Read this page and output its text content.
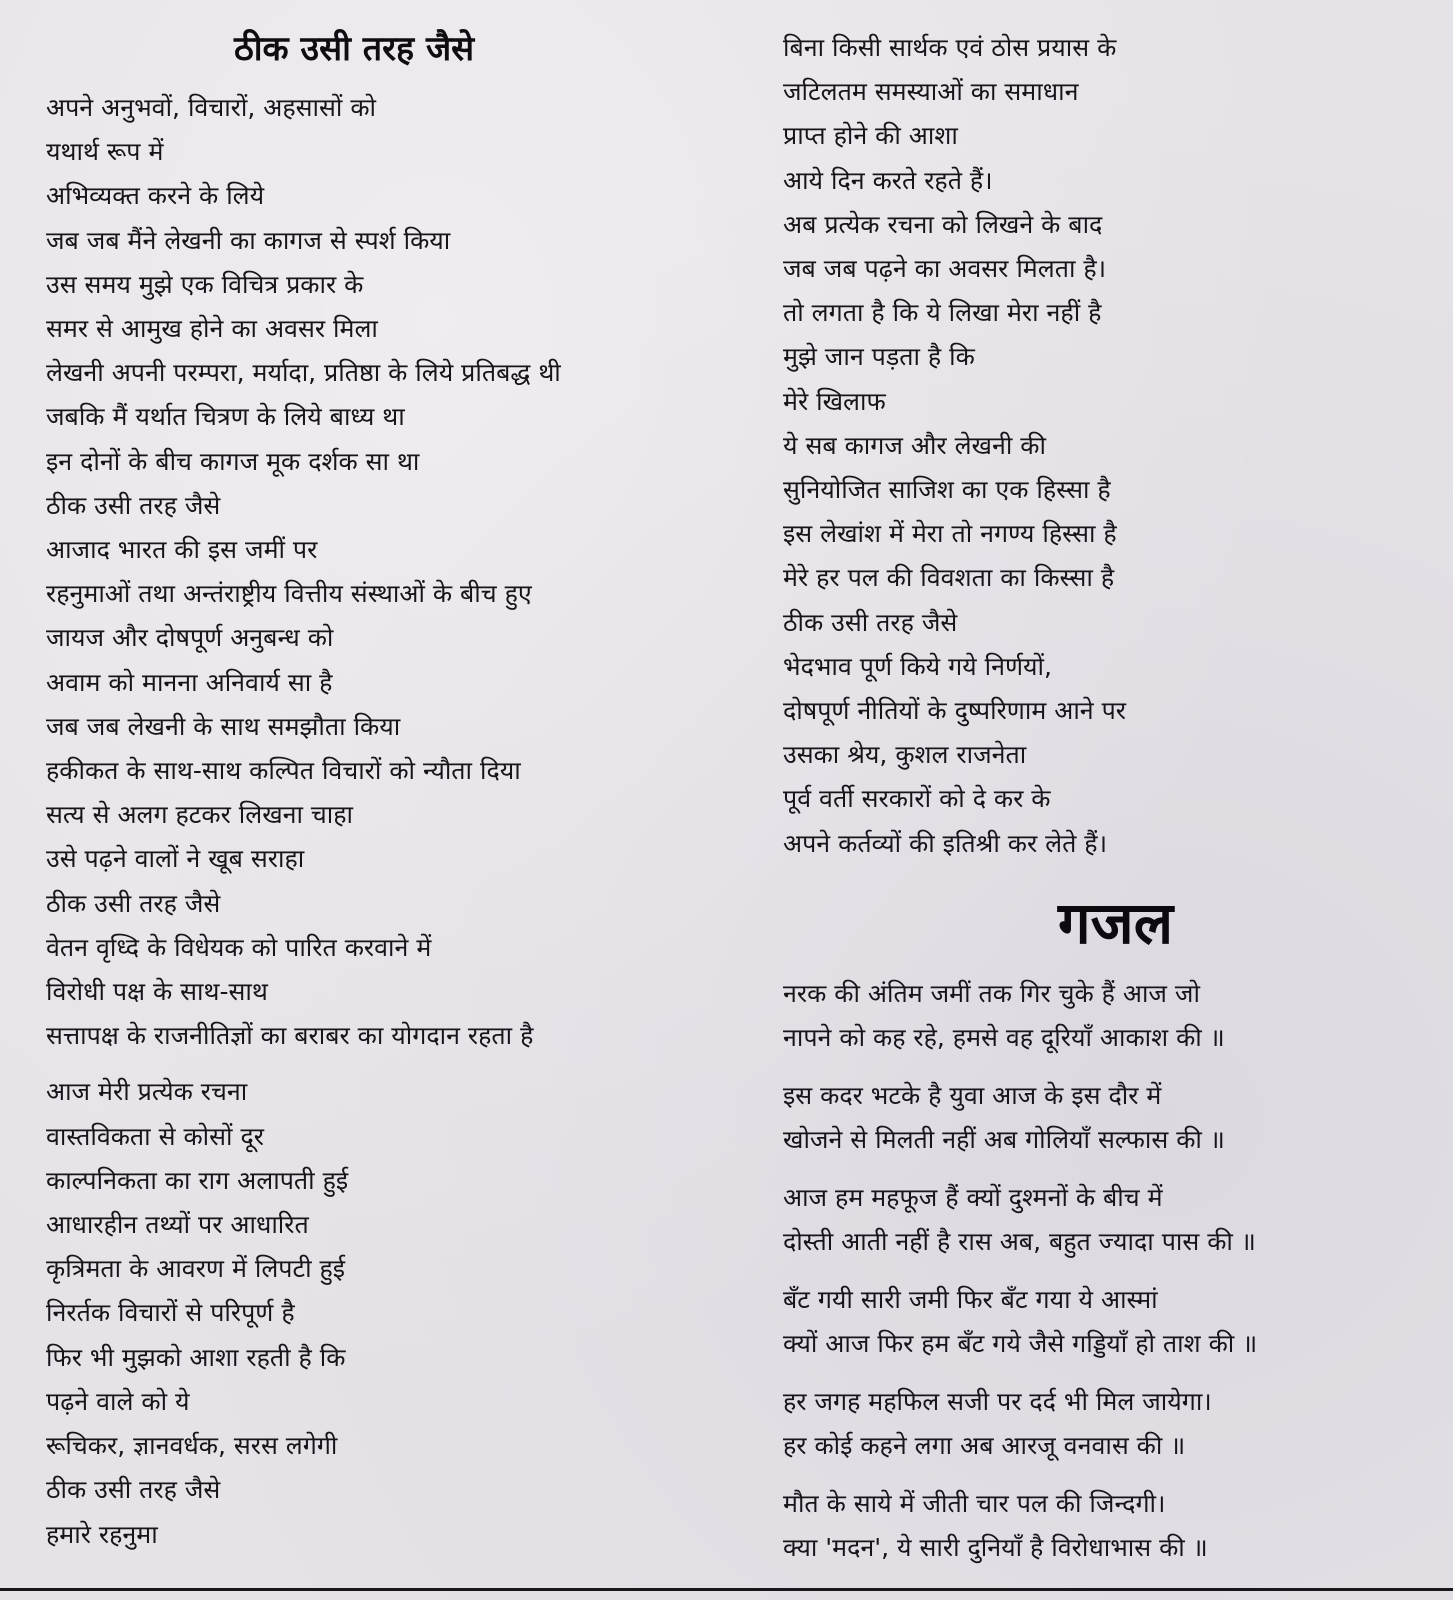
ठीक उसी तरह जैसे
अपने अनुभवों, विचारों, अहसासों को
यथार्थ रूप में
अभिव्यक्त करने के लिये
जब जब मैंने लेखनी का कागज से स्पर्श किया
उस समय मुझे एक विचित्र प्रकार के
समर से आमुख होने का अवसर मिला
लेखनी अपनी परम्परा, मर्यादा, प्रतिष्ठा के लिये प्रतिबद्ध थी
जबकि मैं यर्थात चित्रण के लिये बाध्य था
इन दोनों के बीच कागज मूक दर्शक सा था
ठीक उसी तरह जैसे
आजाद भारत की इस जमीं पर
रहनुमाओं तथा अन्तंराष्ट्रीय वित्तीय संस्थाओं के बीच हुए
जायज और दोषपूर्ण अनुबन्ध को
अवाम को मानना अनिवार्य सा है
जब जब लेखनी के साथ समझौता किया
हकीकत के साथ-साथ कल्पित विचारों को न्यौता दिया
सत्य से अलग हटकर लिखना चाहा
उसे पढ़ने वालों ने खूब सराहा
ठीक उसी तरह जैसे
वेतन वृध्दि के विधेयक को पारित करवाने में
विरोधी पक्ष के साथ-साथ
सत्तापक्ष के राजनीतिज्ञों का बराबर का योगदान रहता है
आज मेरी प्रत्येक रचना
वास्तविकता से कोसों दूर
काल्पनिकता का राग अलापती हुई
आधारहीन तथ्यों पर आधारित
कृत्रिमता के आवरण में लिपटी हुई
निरर्तक विचारों से परिपूर्ण है
फिर भी मुझको आशा रहती है कि
पढ़ने वाले को ये
रूचिकर, ज्ञानवर्धक, सरस लगेगी
ठीक उसी तरह जैसे
हमारे रहनुमा
बिना किसी सार्थक एवं ठोस प्रयास के
जटिलतम समस्याओं का समाधान
प्राप्त होने की आशा
आये दिन करते रहते हैं।
अब प्रत्येक रचना को लिखने के बाद
जब जब पढ़ने का अवसर मिलता है।
तो लगता है कि ये लिखा मेरा नहीं है
मुझे जान पड़ता है कि
मेरे खिलाफ
ये सब कागज और लेखनी की
सुनियोजित साजिश का एक हिस्सा है
इस लेखांश में मेरा तो नगण्य हिस्सा है
मेरे हर पल की विवशता का किस्सा है
ठीक उसी तरह जैसे
भेदभाव पूर्ण किये गये निर्णयों,
दोषपूर्ण नीतियों के दुष्परिणाम आने पर
उसका श्रेय, कुशल राजनेता
पूर्व वर्ती सरकारों को दे कर के
अपने कर्तव्यों की इतिश्री कर लेते हैं।
गजल
नरक की अंतिम जमीं तक गिर चुके हैं आज जो
नापने को कह रहे, हमसे वह दूरियाँ आकाश की ॥
इस कदर भटके है युवा आज के इस दौर में
खोजने से मिलती नहीं अब गोलियाँ सल्फास की ॥
आज हम महफूज हैं क्यों दुश्मनों के बीच में
दोस्ती आती नहीं है रास अब, बहुत ज्यादा पास की ॥
बँट गयी सारी जमी फिर बँट गया ये आस्मां
क्यों आज फिर हम बँट गये जैसे गड्डियाँ हो ताश की ॥
हर जगह महफिल सजी पर दर्द भी मिल जायेगा।
हर कोई कहने लगा अब आरजू वनवास की ॥
मौत के साये में जीती चार पल की जिन्दगी।
क्या 'मदन', ये सारी दुनियाँ है विरोधाभास की ॥
